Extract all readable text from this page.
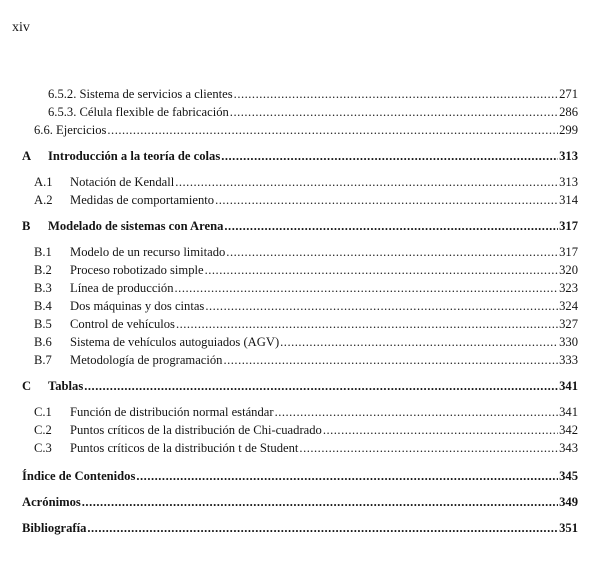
xiv
6.5.2. Sistema de servicios a clientes .....	271
6.5.3. Célula flexible de fabricación .....	286
6.6. Ejercicios .....	299
A Introducción a la teoría de colas .....	313
A.1 Notación de Kendall .....	313
A.2 Medidas de comportamiento .....	314
B Modelado de sistemas con Arena .....	317
B.1 Modelo de un recurso limitado .....	317
B.2 Proceso robotizado simple .....	320
B.3 Línea de producción .....	323
B.4 Dos máquinas y dos cintas .....	324
B.5 Control de vehículos .....	327
B.6 Sistema de vehículos autoguiados (AGV) .....	330
B.7 Metodología de programación .....	333
C Tablas .....	341
C.1 Función de distribución normal estándar .....	341
C.2 Puntos críticos de la distribución de Chi-cuadrado .....	342
C.3 Puntos críticos de la distribución t de Student .....	343
Índice de Contenidos .....	345
Acrónimos .....	349
Bibliografía .....	351
